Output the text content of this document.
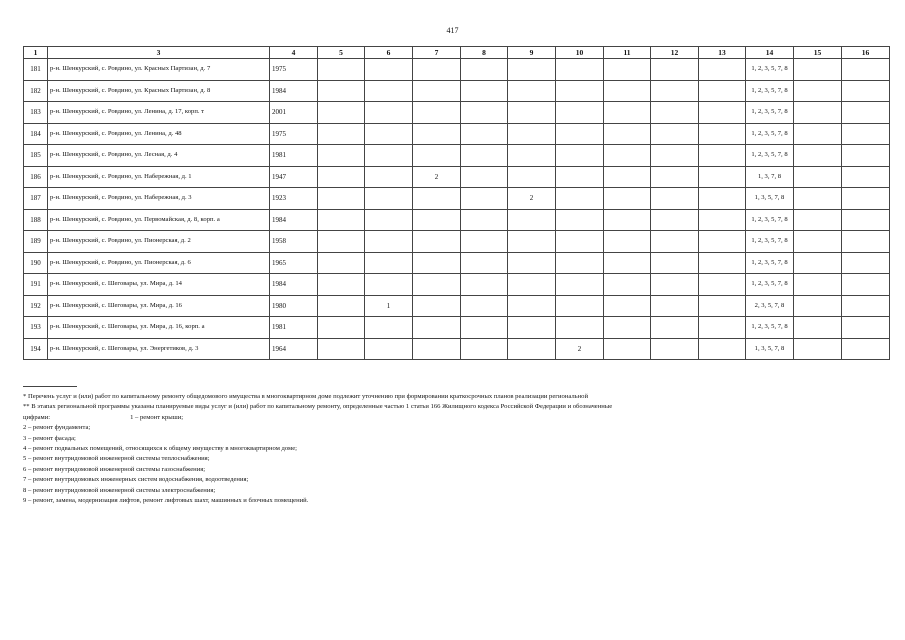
417
1	3	4	5	6	7	8	9	10	11	12	13	14	15	16
181	р-н. Шенкурский, с. Ровдино, ул. Красных Партизан, д. 7	1975										1, 2, 3, 5, 7, 8		
182	р-н. Шенкурский, с. Ровдино, ул. Красных Партизан, д. 8	1984										1, 2, 3, 5, 7, 8		
183	р-н. Шенкурский, с. Ровдино, ул. Ленина, д. 17, корп. т	2001										1, 2, 3, 5, 7, 8		
184	р-н. Шенкурский, с. Ровдино, ул. Ленина, д. 48	1975										1, 2, 3, 5, 7, 8		
185	р-н. Шенкурский, с. Ровдино, ул. Лесная, д. 4	1981										1, 2, 3, 5, 7, 8		
186	р-н. Шенкурский, с. Ровдино, ул. Набережная, д. 1	1947			2							1, 3, 7, 8		
187	р-н. Шенкурский, с. Ровдино, ул. Набережная, д. 3	1923					2					1, 3, 5, 7, 8		
188	р-н. Шенкурский, с. Ровдино, ул. Первомайская, д. 8, корп. а	1984										1, 2, 3, 5, 7, 8		
189	р-н. Шенкурский, с. Ровдино, ул. Пионерская, д. 2	1958										1, 2, 3, 5, 7, 8		
190	р-н. Шенкурский, с. Ровдино, ул. Пионерская, д. 6	1965										1, 2, 3, 5, 7, 8		
191	р-н. Шенкурский, с. Шеговары, ул. Мира, д. 14	1984										1, 2, 3, 5, 7, 8		
192	р-н. Шенкурский, с. Шеговары, ул. Мира, д. 16	1980		1								2, 3, 5, 7, 8		
193	р-н. Шенкурский, с. Шеговары, ул. Мира, д. 16, корп. а	1981										1, 2, 3, 5, 7, 8		
194	р-н. Шенкурский, с. Шеговары, ул. Энергетиков, д. 3	1964						2				1, 3, 5, 7, 8		

* Перечень услуг и (или) работ по капитальному ремонту общедомового имущества в многоквартирном доме подлежит уточнению при формировании краткосрочных планов реализации региональной

** В этапах региональной программы указаны планируемые виды услуг и (или) работ по капитальному ремонту, определенные частью 1 статьи 166 Жилищного кодекса Российской Федерации и обозначенные

цифрами:	1 – ремонт крыши;

2 – ремонт фундамента;

3 – ремонт фасада;

4 – ремонт подвальных помещений, относящихся к общему имуществу в многоквартирном доме;

5 – ремонт внутридомовой инженерной системы теплоснабжения;

6 – ремонт внутридомовой инженерной системы газоснабжения;

7 – ремонт внутридомовых инженерных систем водоснабжения, водоотведения;

8 – ремонт внутридомовой инженерной системы электроснабжения;

9 – ремонт, замена, модернизация лифтов, ремонт лифтовых шахт, машинных и блочных помещений.
